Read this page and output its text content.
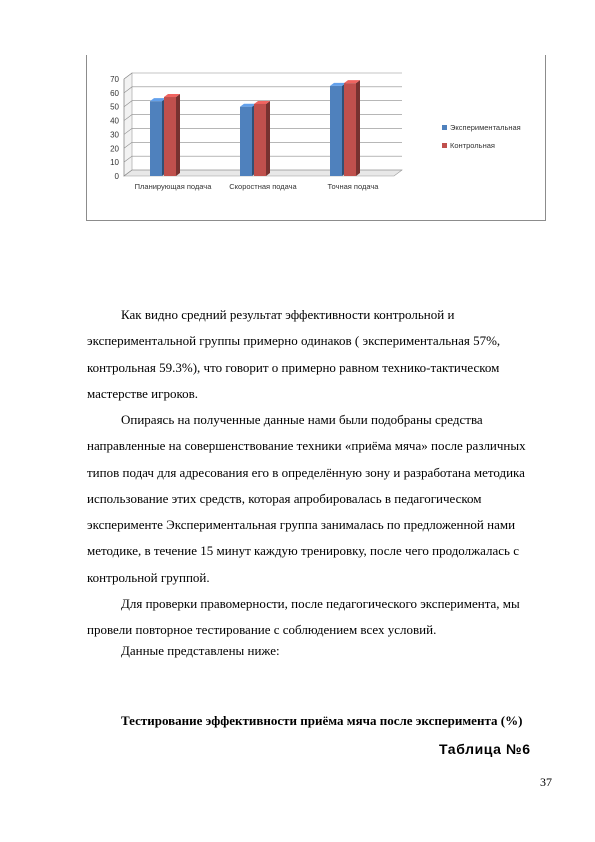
0
10
20
30
40
50
60
70
Планирующая подача Скоростная подача	Точная подача
Экспериментальная
Контрольная
Как видно средний результат эффективности контрольной и
экспериментальной группы примерно одинаков ( экспериментальная 57%,
контрольная 59.3%), что говорит о примерно равном технико-тактическом
мастерстве игроков.
Опираясь на полученные данные нами были подобраны средства
направленные на совершенствование техники «приёма мяча» после различных
типов подач для адресования его в определённую зону и разработана методика
использование этих средств, которая апробировалась в педагогическом
эксперименте Экспериментальная группа занималась по предложенной нами
методике, в течение 15 минут каждую тренировку, после чего продолжалась с
контрольной группой.
Для проверки правомерности, после педагогического эксперимента, мы
провели повторное тестирование с соблюдением всех условий.
Данные представлены ниже:
Тестирование эффективности приёма мяча после эксперимента (%)
Таблица №6
37
